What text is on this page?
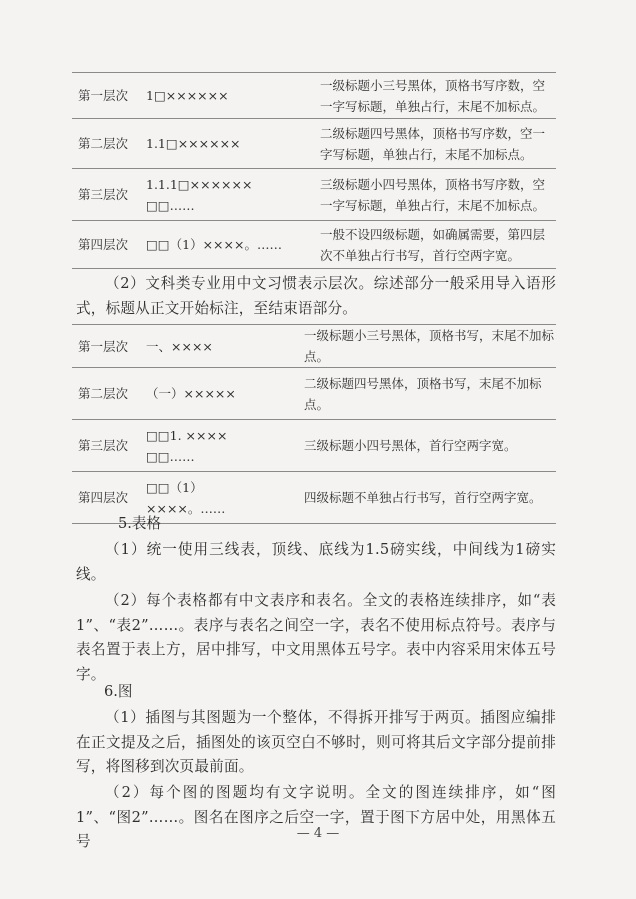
第一层次	1□××××××	一级标题小三号黑体，顶格书写序数，空一字写标题，单独占行，末尾不加标点。
第二层次	1.1□××××××	二级标题四号黑体，顶格书写序数，空一字写标题，单独占行，末尾不加标点。
第三层次	1.1.1□×××××× □□……	三级标题小四号黑体，顶格书写序数，空一字写标题，单独占行，末尾不加标点。
第四层次	□□（1）××××。……	一般不设四级标题，如确属需要，第四层次不单独占行书写，首行空两字宽。

（2）文科类专业用中文习惯表示层次。综述部分一般采用导入语形式，标题从正文开始标注，至结束语部分。

第一层次	一、××××	一级标题小三号黑体，顶格书写，末尾不加标点。
第二层次	（一）×××××	二级标题四号黑体，顶格书写，末尾不加标点。
第三层次	□□1. ×××× □□……	三级标题小四号黑体，首行空两字宽。
第四层次	□□（1） ××××。……	四级标题不单独占行书写，首行空两字宽。

5.表格

（1）统一使用三线表，顶线、底线为1.5磅实线，中间线为1磅实线。

（2）每个表格都有中文表序和表名。全文的表格连续排序，如“表1”、“表2”……。表序与表名之间空一字，表名不使用标点符号。表序与表名置于表上方，居中排写，中文用黑体五号字。表中内容采用宋体五号字。

6.图

（1）插图与其图题为一个整体，不得拆开排写于两页。插图应编排在正文提及之后，插图处的该页空白不够时，则可将其后文字部分提前排写，将图移到次页最前面。

（2）每个图的图题均有文字说明。全文的图连续排序，如“图1”、“图2”……。图名在图序之后空一字，置于图下方居中处，用黑体五号	— 4 —
